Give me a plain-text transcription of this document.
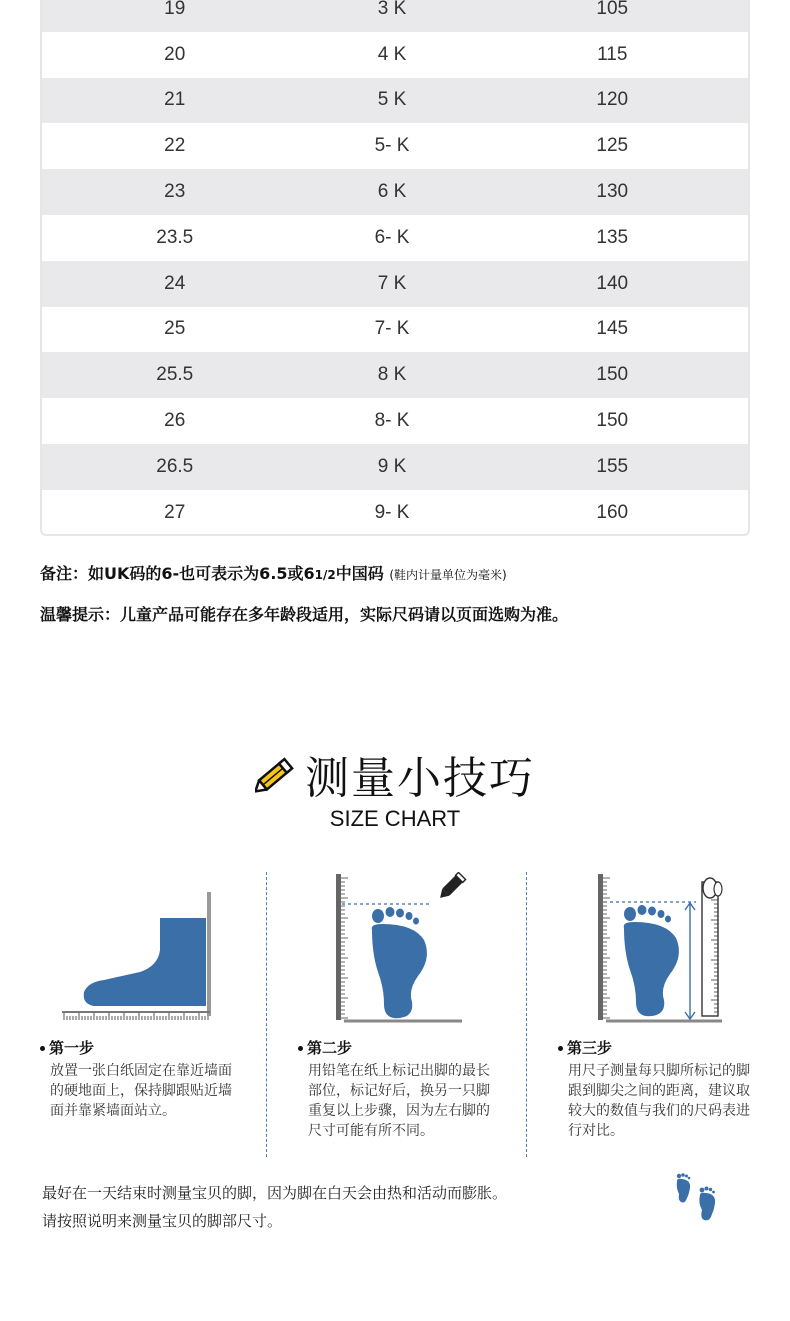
19	3 K	105
20	4 K	115
21	5 K	120
22	5- K	125
23	6 K	130
23.5	6- K	135
24	7 K	140
25	7- K	145
25.5	8 K	150
26	8- K	150
26.5	9 K	155
27	9- K	160
备注：如UK码的6-也可表示为6.5或61/2中国码 (鞋内计量单位为毫米)
温馨提示：儿童产品可能存在多年龄段适用，实际尺码请以页面选购为准。
测量小技巧
SIZE CHART
第一步
放置一张白纸固定在靠近墙面的硬地面上，保持脚跟贴近墙面并靠紧墙面站立。
第二步
用铅笔在纸上标记出脚的最长部位，标记好后，换另一只脚重复以上步骤，因为左右脚的尺寸可能有所不同。
第三步
用尺子测量每只脚所标记的脚跟到脚尖之间的距离，建议取较大的数值与我们的尺码表进行对比。
最好在一天结束时测量宝贝的脚，因为脚在白天会由热和活动而膨胀。
请按照说明来测量宝贝的脚部尺寸。
